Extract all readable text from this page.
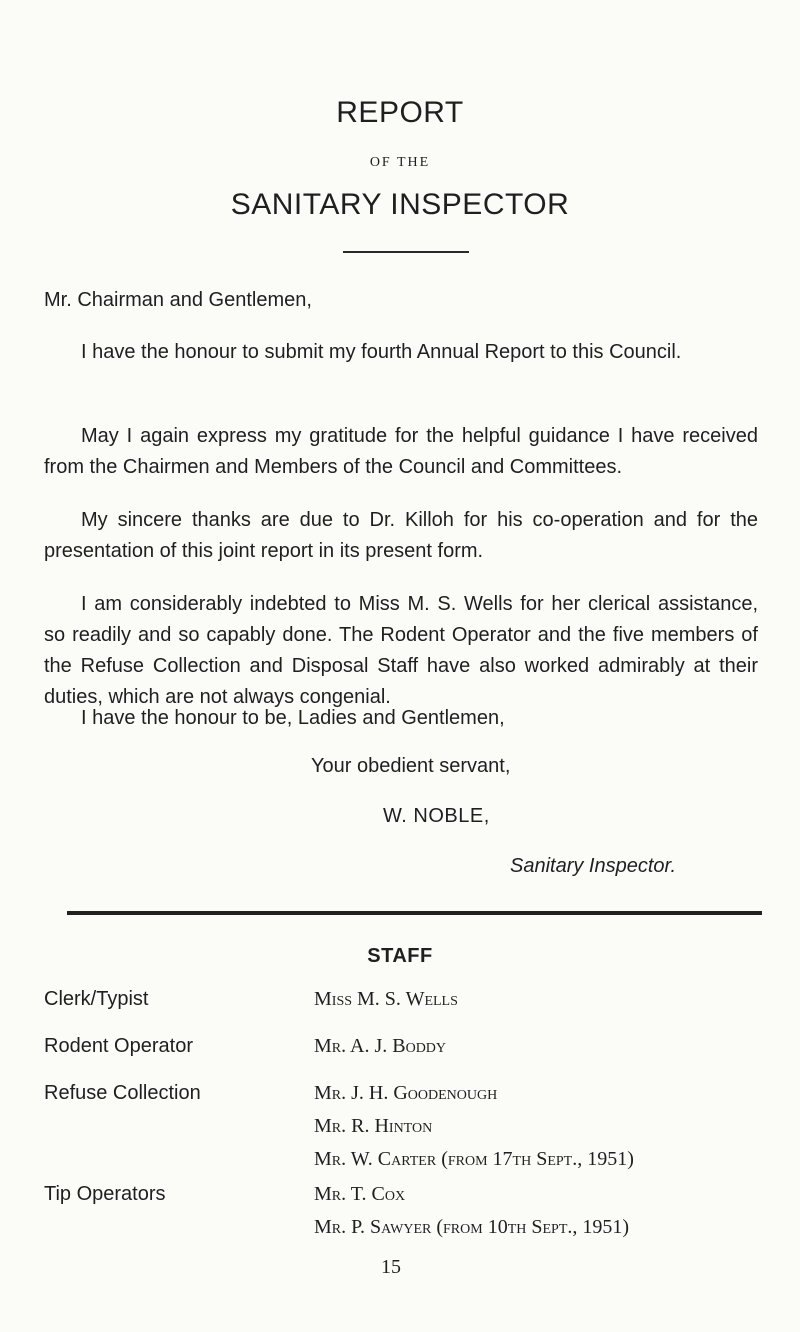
REPORT
OF THE
SANITARY INSPECTOR
Mr. Chairman and Gentlemen,
I have the honour to submit my fourth Annual Report to this Council.
May I again express my gratitude for the helpful guidance I have received from the Chairmen and Members of the Council and Committees.
My sincere thanks are due to Dr. Killoh for his co-operation and for the presentation of this joint report in its present form.
I am considerably indebted to Miss M. S. Wells for her clerical assistance, so readily and so capably done. The Rodent Operator and the five members of the Refuse Collection and Disposal Staff have also worked admirably at their duties, which are not always congenial.
I have the honour to be, Ladies and Gentlemen,
Your obedient servant,
W. NOBLE,
Sanitary Inspector.
STAFF
Clerk/Typist
Rodent Operator
Refuse Collection
Tip Operators
Miss M. S. Wells
Mr. A. J. Boddy
Mr. J. H. Goodenough
Mr. R. Hinton
Mr. W. Carter (from 17th Sept., 1951)
Mr. T. Cox
Mr. P. Sawyer (from 10th Sept., 1951)
15
